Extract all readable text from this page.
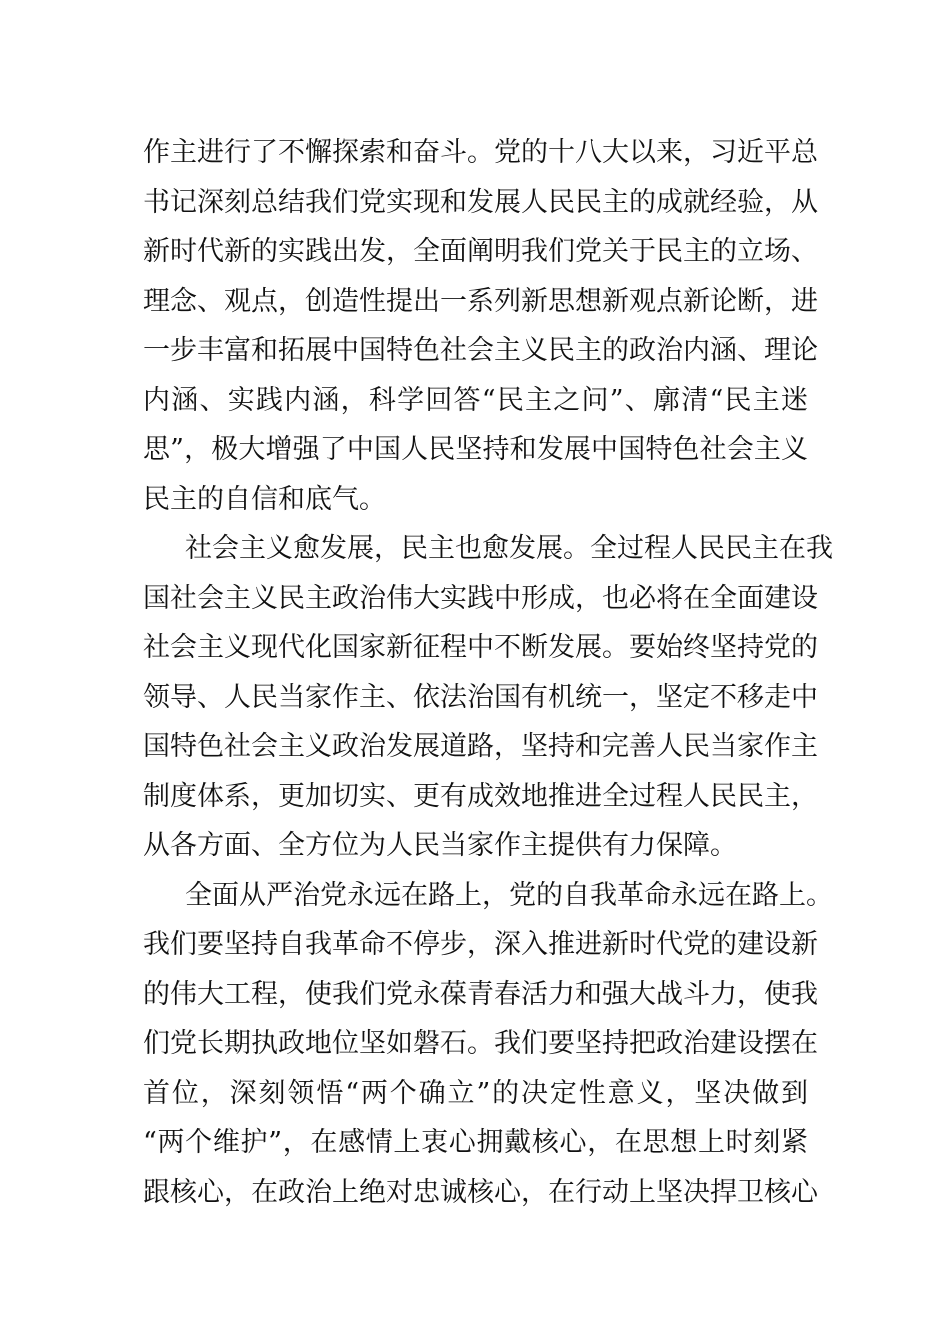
作主进行了不懈探索和奋斗。党的十八大以来，习近平总
书记深刻总结我们党实现和发展人民民主的成就经验，从
新时代新的实践出发，全面阐明我们党关于民主的立场、
理念、观点，创造性提出一系列新思想新观点新论断，进
一步丰富和拓展中国特色社会主义民主的政治内涵、理论
内涵、实践内涵，科学回答“民主之问”、廓清“民主迷
思”，极大增强了中国人民坚持和发展中国特色社会主义
民主的自信和底气。
社会主义愈发展，民主也愈发展。全过程人民民主在我
国社会主义民主政治伟大实践中形成，也必将在全面建设
社会主义现代化国家新征程中不断发展。要始终坚持党的
领导、人民当家作主、依法治国有机统一，坚定不移走中
国特色社会主义政治发展道路，坚持和完善人民当家作主
制度体系，更加切实、更有成效地推进全过程人民民主，
从各方面、全方位为人民当家作主提供有力保障。
全面从严治党永远在路上，党的自我革命永远在路上。
我们要坚持自我革命不停步，深入推进新时代党的建设新
的伟大工程，使我们党永葆青春活力和强大战斗力，使我
们党长期执政地位坚如磐石。我们要坚持把政治建设摆在
首位，深刻领悟“两个确立”的决定性意义，坚决做到
“两个维护”，在感情上衷心拥戴核心，在思想上时刻紧
跟核心，在政治上绝对忠诚核心，在行动上坚决捍卫核心
